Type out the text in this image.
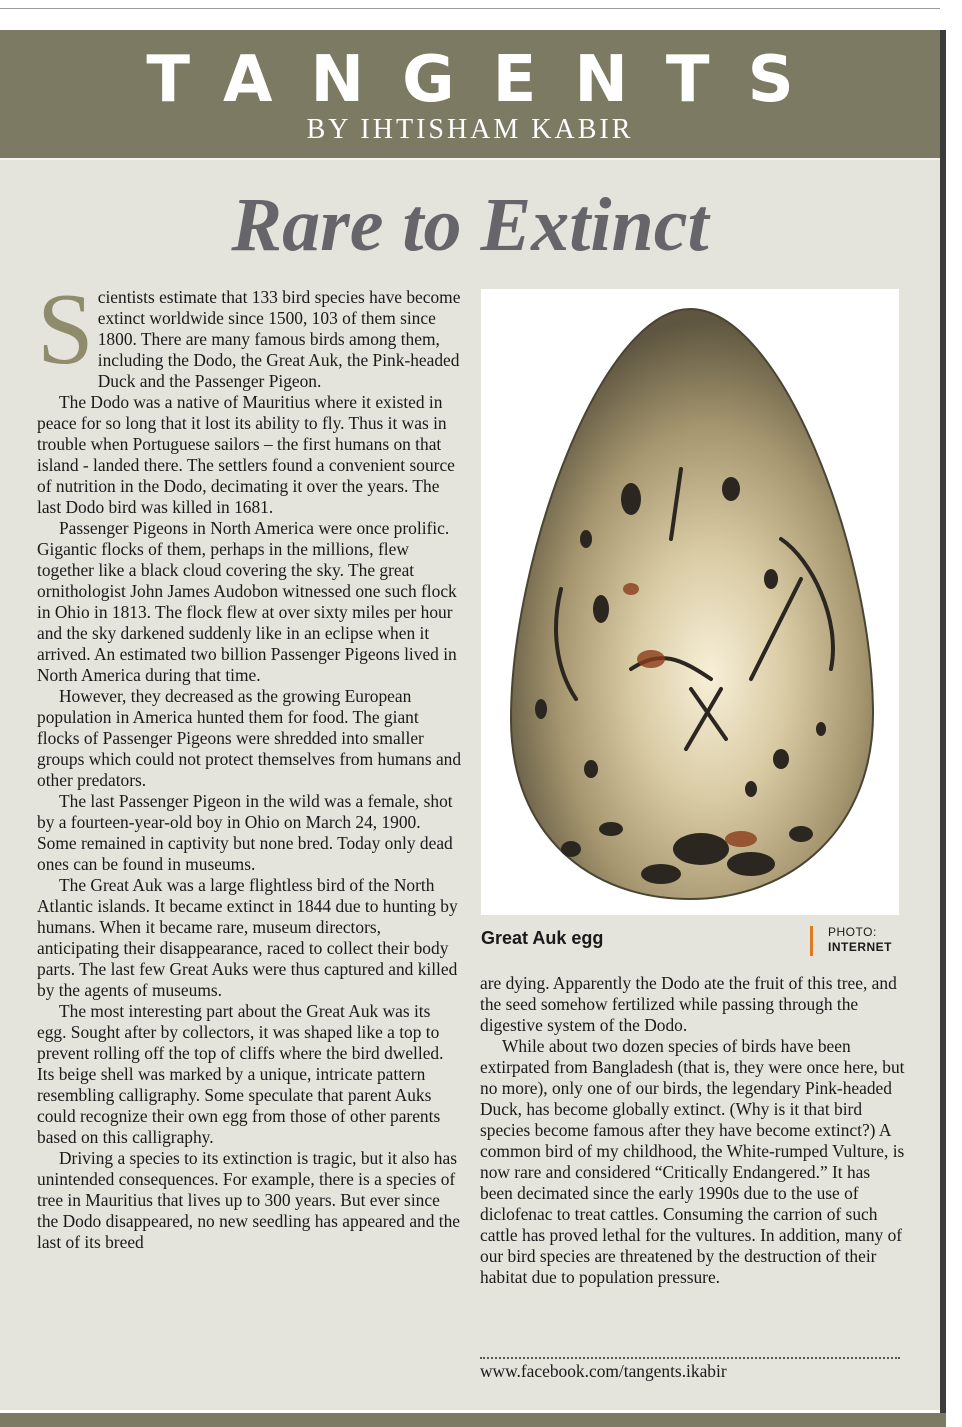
TANGENTS
BY IHTISHAM KABIR
Rare to Extinct

Scientists estimate that 133 bird species have become extinct worldwide since 1500, 103 of them since 1800. There are many famous birds among them, including the Dodo, the Great Auk, the Pink-headed Duck and the Passenger Pigeon.

The Dodo was a native of Mauritius where it existed in peace for so long that it lost its ability to fly. Thus it was in trouble when Portuguese sailors – the first humans on that island - landed there. The settlers found a convenient source of nutrition in the Dodo, decimating it over the years. The last Dodo bird was killed in 1681.

Passenger Pigeons in North America were once prolific. Gigantic flocks of them, perhaps in the millions, flew together like a black cloud covering the sky. The great ornithologist John James Audobon witnessed one such flock in Ohio in 1813. The flock flew at over sixty miles per hour and the sky darkened suddenly like in an eclipse when it arrived. An estimated two billion Passenger Pigeons lived in North America during that time.

However, they decreased as the growing European population in America hunted them for food. The giant flocks of Passenger Pigeons were shredded into smaller groups which could not protect themselves from humans and other predators.

The last Passenger Pigeon in the wild was a female, shot by a fourteen-year-old boy in Ohio on March 24, 1900. Some remained in captivity but none bred. Today only dead ones can be found in museums.

The Great Auk was a large flightless bird of the North Atlantic islands. It became extinct in 1844 due to hunting by humans. When it became rare, museum directors, anticipating their disappearance, raced to collect their body parts. The last few Great Auks were thus captured and killed by the agents of museums.

The most interesting part about the Great Auk was its egg. Sought after by collectors, it was shaped like a top to prevent rolling off the top of cliffs where the bird dwelled. Its beige shell was marked by a unique, intricate pattern resembling calligraphy. Some speculate that parent Auks could recognize their own egg from those of other parents based on this calligraphy.

Driving a species to its extinction is tragic, but it also has unintended consequences. For example, there is a species of tree in Mauritius that lives up to 300 years. But ever since the Dodo disappeared, no new seedling has appeared and the last of its breed

Great Auk egg	PHOTO:
INTERNET

are dying. Apparently the Dodo ate the fruit of this tree, and the seed somehow fertilized while passing through the digestive system of the Dodo.

While about two dozen species of birds have been extirpated from Bangladesh (that is, they were once here, but no more), only one of our birds, the legendary Pink-headed Duck, has become globally extinct. (Why is it that bird species become famous after they have become extinct?) A common bird of my childhood, the White-rumped Vulture, is now rare and considered “Critically Endangered.” It has been decimated since the early 1990s due to the use of diclofenac to treat cattles. Consuming the carrion of such cattle has proved lethal for the vultures. In addition, many of our bird species are threatened by the destruction of their habitat due to population pressure.

www.facebook.com/tangents.ikabir
